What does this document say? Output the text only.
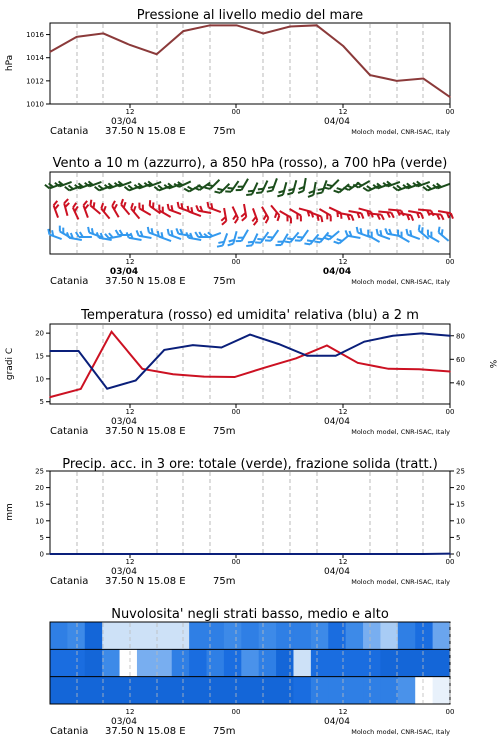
Pressione al livello medio del mare
1010
1012
1014
1016
hPa
12	00	12	00
03/04	04/04
Catania 37.50 N 15.08 E	75m	Moloch model, CNR-ISAC, Italy
Vento a 10 m (azzurro), a 850 hPa (rosso), a 700 hPa (verde)
12	00	12	00
03/04	04/04
Catania 37.50 N 15.08 E	75m	Moloch model, CNR-ISAC, Italy
Temperatura (rosso) ed umidita' relativa (blu) a 2 m
5
10
15
20
40
60
80
gradi C	%
12	00	12	00
03/04	04/04
Catania 37.50 N 15.08 E	75m	Moloch model, CNR-ISAC, Italy
Precip. acc. in 3 ore: totale (verde), frazione solida (tratt.)
0	0
5	5
10	10
15	15
20	20
25	25
mm
12	00	12	00
03/04	04/04
Catania 37.50 N 15.08 E	75m	Moloch model, CNR-ISAC, Italy
Nuvolosita' negli strati basso, medio e alto
12	00	12	00
03/04	04/04
Catania 37.50 N 15.08 E	75m	Moloch model, CNR-ISAC, Italy
